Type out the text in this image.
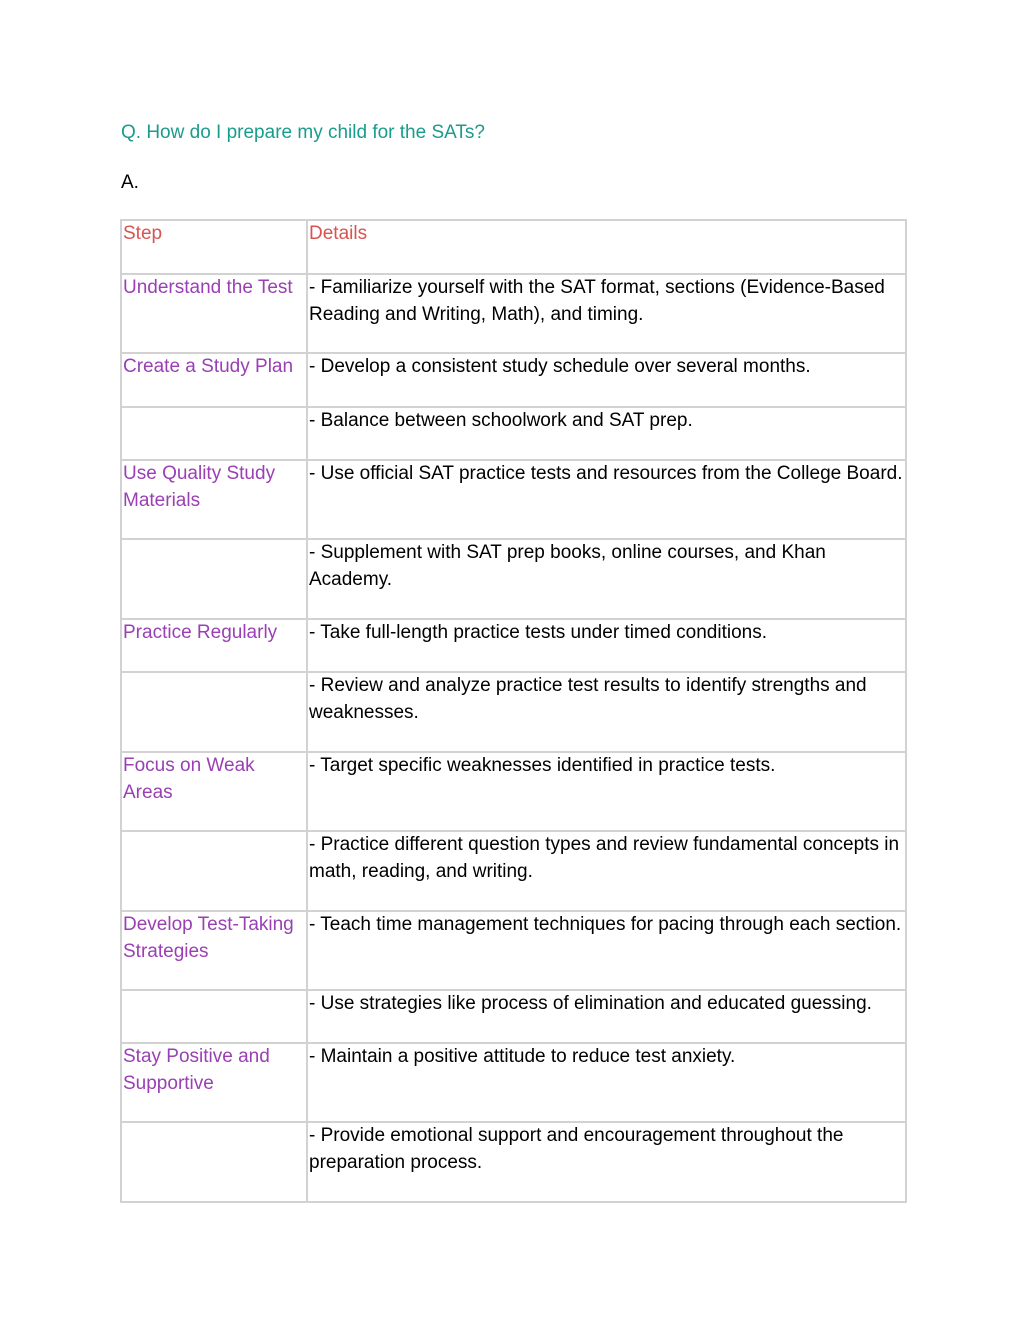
Q. How do I prepare my child for the SATs?

A.

Step	Details
Understand the Test	- Familiarize yourself with the SAT format, sections (Evidence-Based Reading and Writing, Math), and timing.
Create a Study Plan	- Develop a consistent study schedule over several months.
	- Balance between schoolwork and SAT prep.
Use Quality Study Materials	- Use official SAT practice tests and resources from the College Board.
	- Supplement with SAT prep books, online courses, and Khan Academy.
Practice Regularly	- Take full-length practice tests under timed conditions.
	- Review and analyze practice test results to identify strengths and weaknesses.
Focus on Weak Areas	- Target specific weaknesses identified in practice tests.
	- Practice different question types and review fundamental concepts in math, reading, and writing.
Develop Test-Taking Strategies	- Teach time management techniques for pacing through each section.
	- Use strategies like process of elimination and educated guessing.
Stay Positive and Supportive	- Maintain a positive attitude to reduce test anxiety.
	- Provide emotional support and encouragement throughout the preparation process.
